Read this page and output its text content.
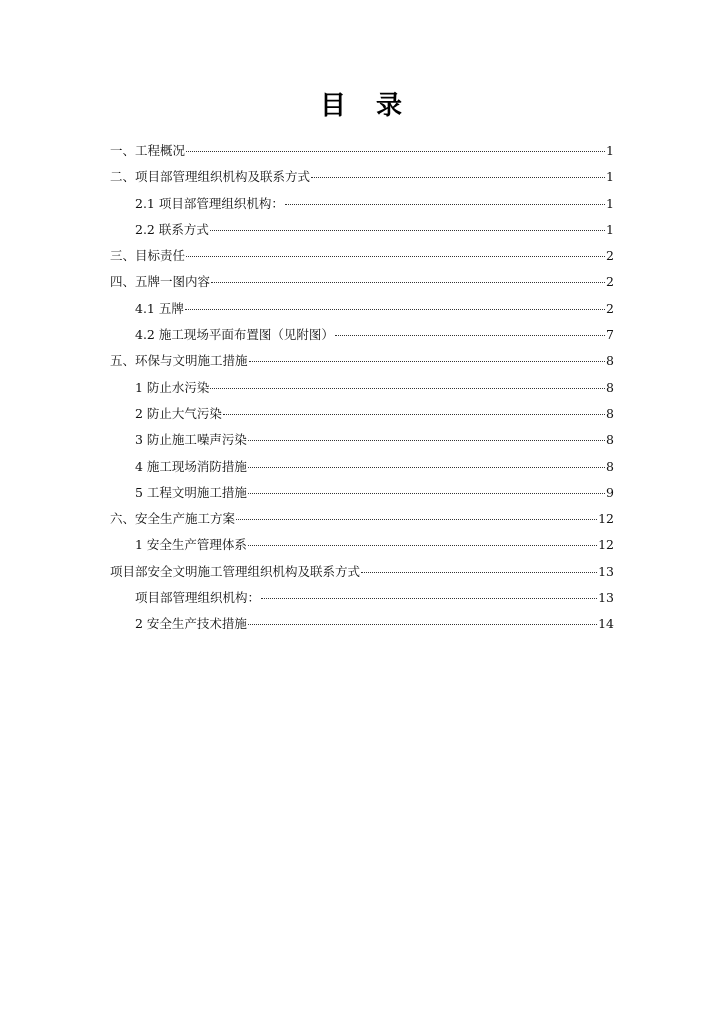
目　录
一、工程概况	1
二、项目部管理组织机构及联系方式	1
2.1 项目部管理组织机构：	1
2.2 联系方式	1
三、目标责任	2
四、五牌一图内容	2
4.1 五牌	2
4.2 施工现场平面布置图（见附图）	7
五、环保与文明施工措施	8
1 防止水污染	8
2 防止大气污染	8
3 防止施工噪声污染	8
4 施工现场消防措施	8
5 工程文明施工措施	9
六、安全生产施工方案	12
1 安全生产管理体系	12
项目部安全文明施工管理组织机构及联系方式	13
项目部管理组织机构：	13
2 安全生产技术措施	14
